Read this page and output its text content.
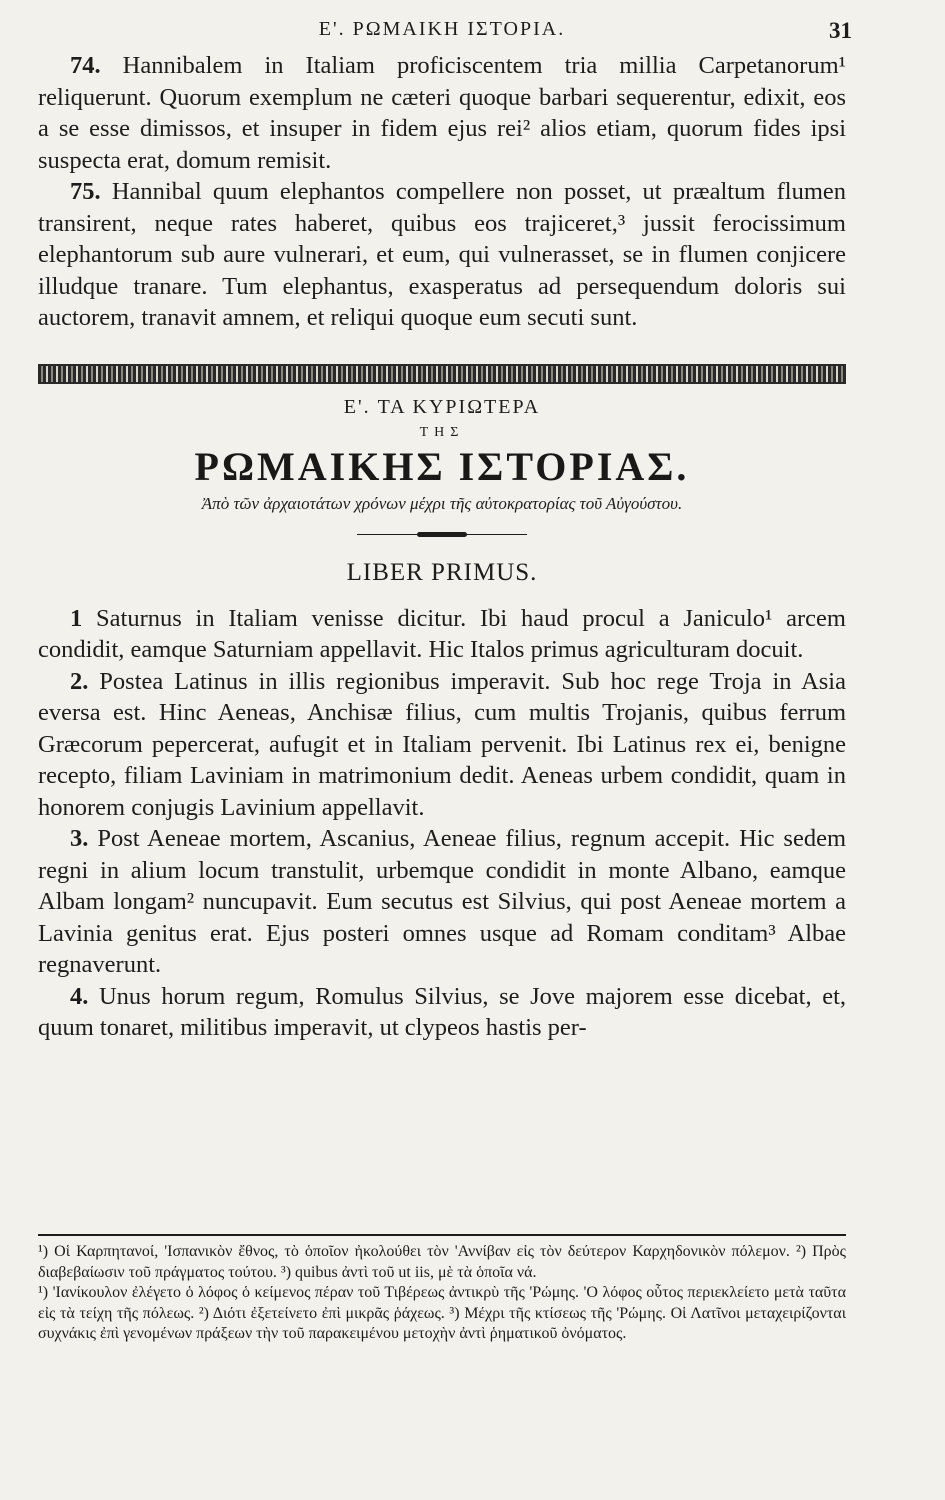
E'. ΡΩΜΑΙΚΗ ΙΣΤΟΡΙΑ.	31

74. Hannibalem in Italiam proficiscentem tria millia Carpetanorum¹ reliquerunt. Quorum exemplum ne cæteri quoque barbari sequerentur, edixit, eos a se esse dimissos, et insuper in fidem ejus rei² alios etiam, quorum fides ipsi suspecta erat, domum remisit.

75. Hannibal quum elephantos compellere non posset, ut præaltum flumen transirent, neque rates haberet, quibus eos trajiceret,³ jussit ferocissimum elephantorum sub aure vulnerari, et eum, qui vulnerasset, se in flumen conjicere illudque tranare. Tum elephantus, exasperatus ad persequendum doloris sui auctorem, tranavit amnem, et reliqui quoque eum secuti sunt.

E'. ΤΑ ΚΥΡΙΩΤΕΡΑ
ΤΗΣ
ΡΩΜΑΙΚΗΣ ΙΣΤΟΡΙΑΣ.
Ἀπὸ τῶν ἀρχαιοτάτων χρόνων μέχρι τῆς αὐτοκρατορίας τοῦ Αὐγούστου.
LIBER PRIMUS.

1 Saturnus in Italiam venisse dicitur. Ibi haud procul a Janiculo¹ arcem condidit, eamque Saturniam appellavit. Hic Italos primus agriculturam docuit.

2. Postea Latinus in illis regionibus imperavit. Sub hoc rege Troja in Asia eversa est. Hinc Aeneas, Anchisæ filius, cum multis Trojanis, quibus ferrum Græcorum pepercerat, aufugit et in Italiam pervenit. Ibi Latinus rex ei, benigne recepto, filiam Laviniam in matrimonium dedit. Aeneas urbem condidit, quam in honorem conjugis Lavinium appellavit.

3. Post Aeneae mortem, Ascanius, Aeneae filius, regnum accepit. Hic sedem regni in alium locum transtulit, urbemque condidit in monte Albano, eamque Albam longam² nuncupavit. Eum secutus est Silvius, qui post Aeneae mortem a Lavinia genitus erat. Ejus posteri omnes usque ad Romam conditam³ Albae regnaverunt.

4. Unus horum regum, Romulus Silvius, se Jove majorem esse dicebat, et, quum tonaret, militibus imperavit, ut clypeos hastis per-

¹) Οἱ Καρπητανοί, 'Ισπανικὸν ἔθνος, τὸ ὁποῖον ἠκολούθει τὸν 'Αννίβαν εἰς τὸν δεύτερον Καρχηδονικὸν πόλεμον. ²) Πρὸς διαβεβαίωσιν τοῦ πράγματος τούτου. ³) quibus ἀντὶ τοῦ ut iis, μὲ τὰ ὁποῖα νά.

¹) 'Ιανίκουλον ἐλέγετο ὁ λόφος ὁ κείμενος πέραν τοῦ Τιβέρεως ἀντικρὺ τῆς 'Ρώμης. 'Ο λόφος οὗτος περιεκλείετο μετὰ ταῦτα εἰς τὰ τείχη τῆς πόλεως. ²) Διότι ἐξετείνετο ἐπὶ μικρᾶς ῥάχεως. ³) Μέχρι τῆς κτίσεως τῆς 'Ρώμης. Οἱ Λατῖνοι μεταχειρίζονται συχνάκις ἐπὶ γενομένων πράξεων τὴν τοῦ παρακειμένου μετοχὴν ἀντὶ ῥηματικοῦ ὀνόματος.
